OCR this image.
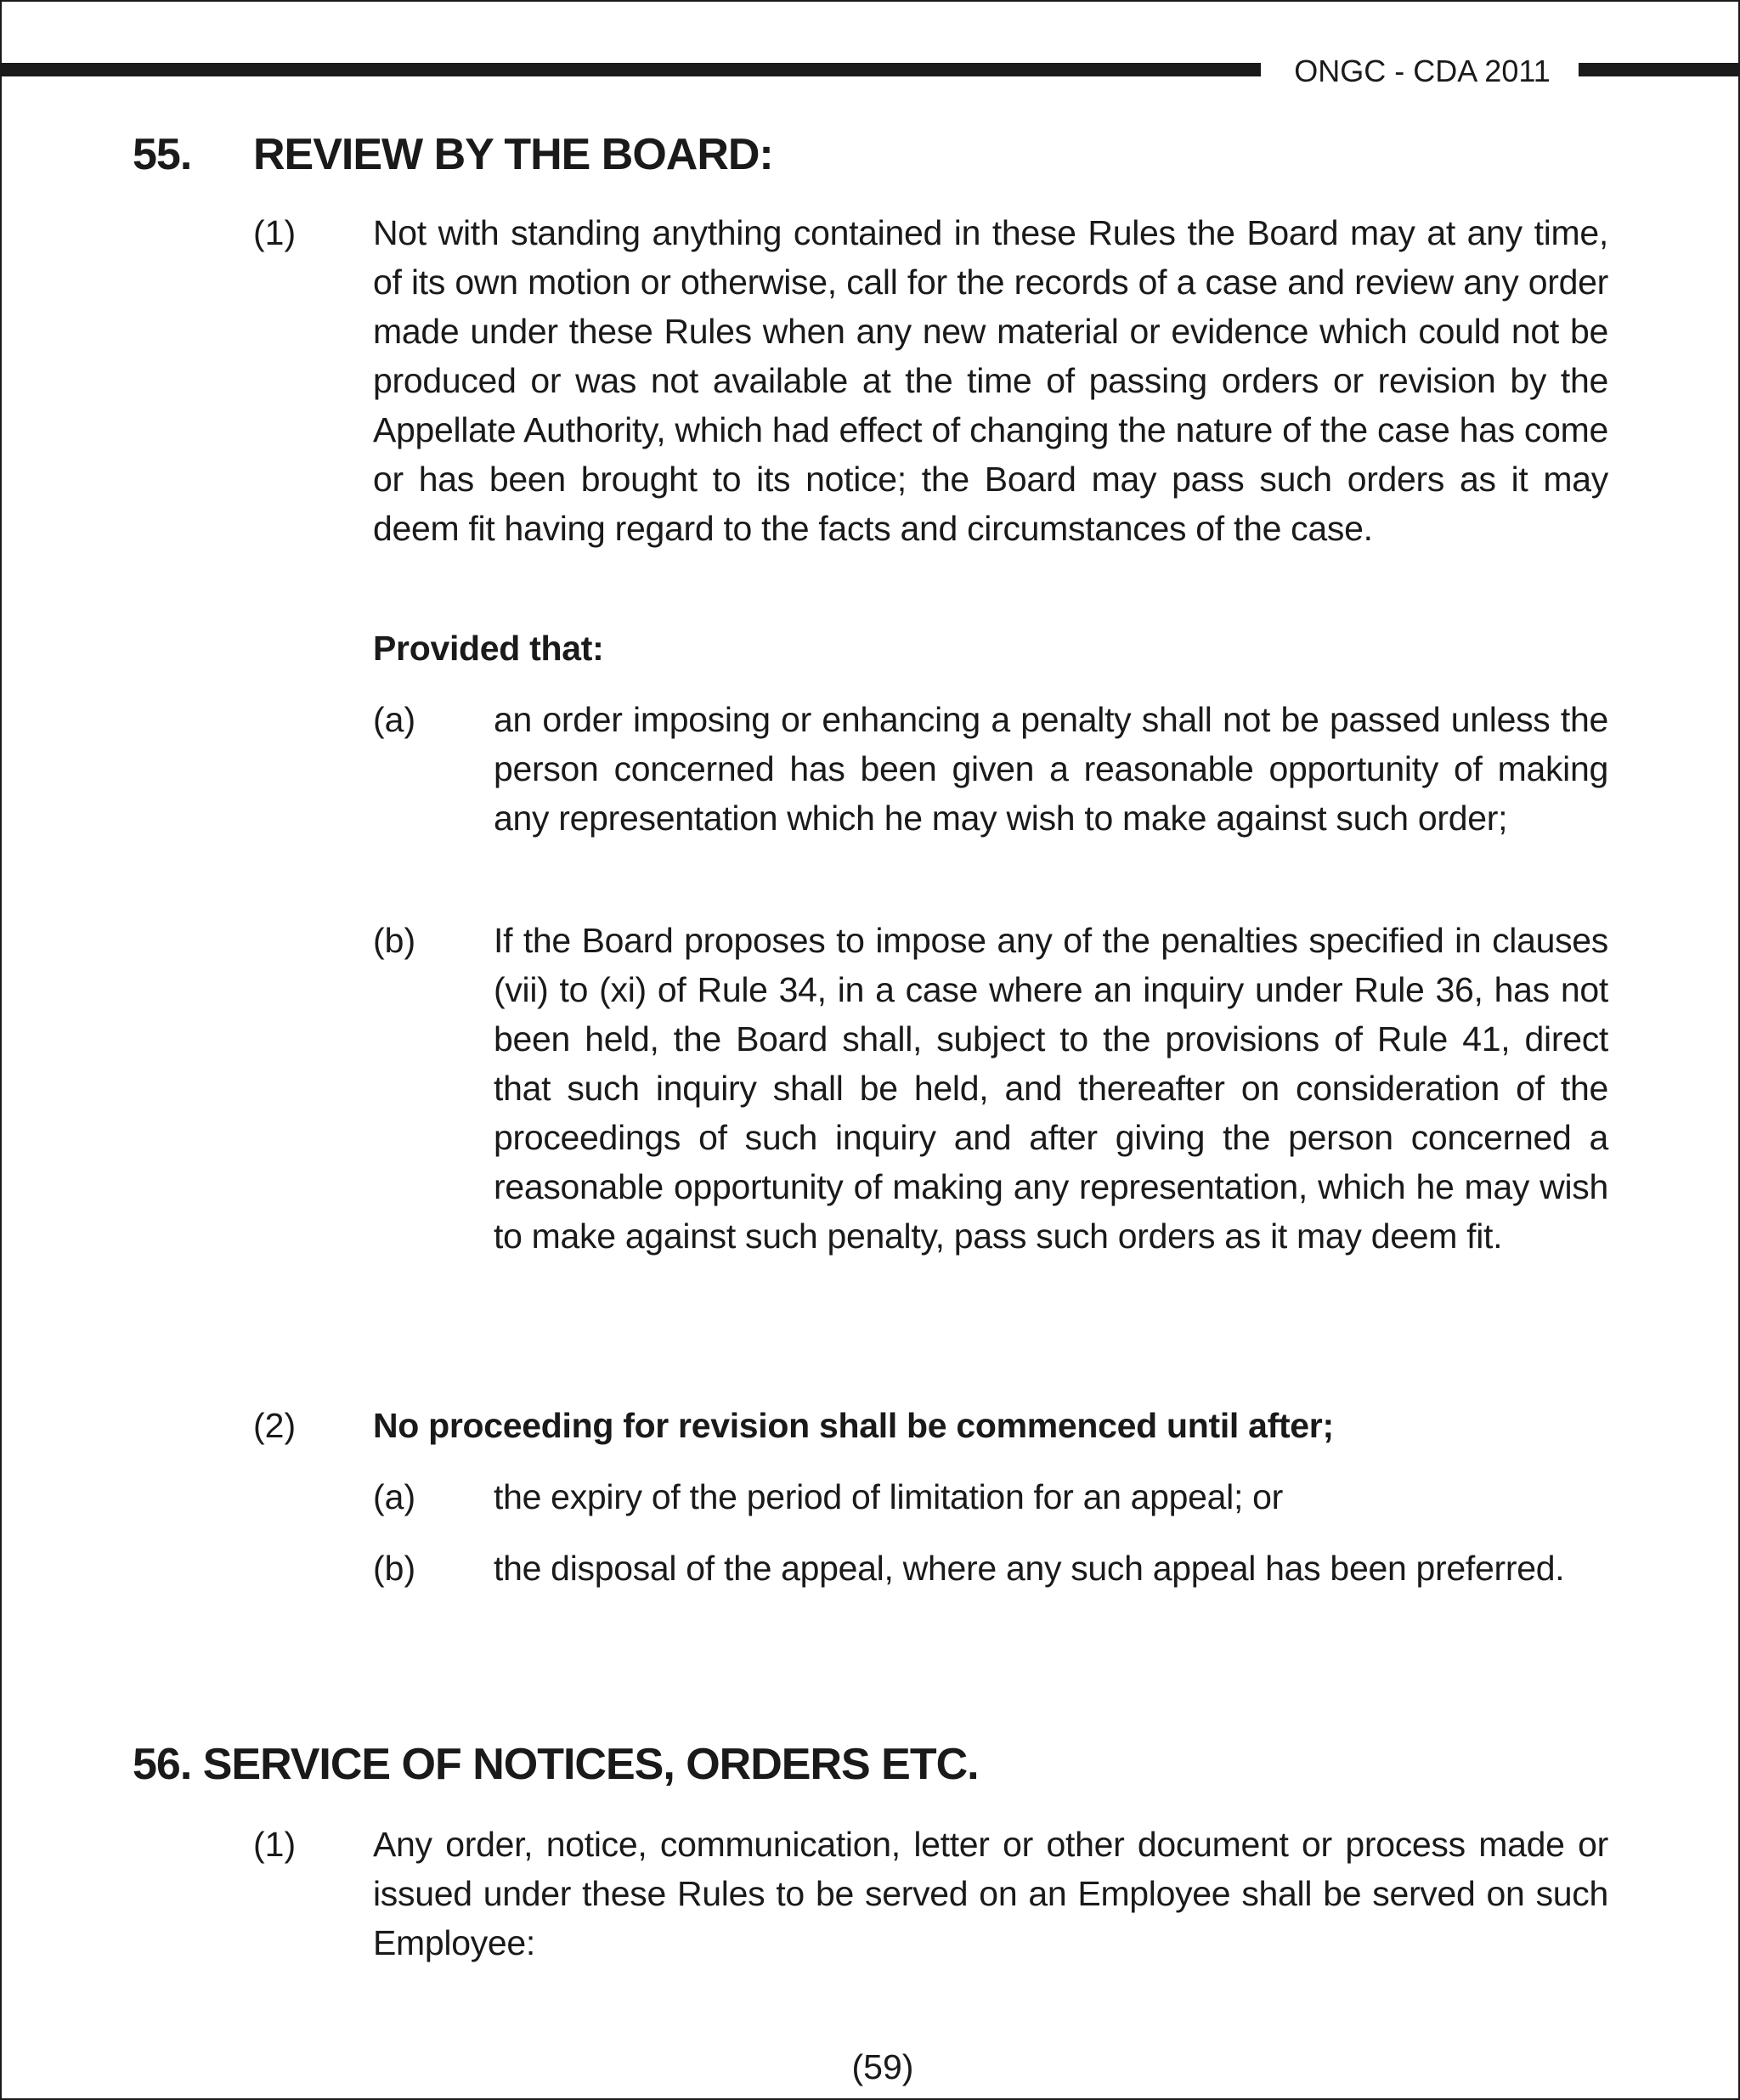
ONGC - CDA 2011
55. REVIEW BY THE BOARD:
(1) Not with standing anything contained in these Rules the Board may at any time, of its own motion or otherwise, call for the records of a case and review any order made under these Rules when any new material or evidence which could not be produced or was not available at the time of passing orders or revision by the Appellate Authority, which had effect of changing the nature of the case has come or has been brought to its notice; the Board may pass such orders as it may deem fit having regard to the facts and circumstances of the case.
Provided that:
(a) an order imposing or enhancing a penalty shall not be passed unless the person concerned has been given a reasonable opportunity of making any representation which he may wish to make against such order;
(b) If the Board proposes to impose any of the penalties specified in clauses (vii) to (xi) of Rule 34, in a case where an inquiry under Rule 36, has not been held, the Board shall, subject to the provisions of Rule 41, direct that such inquiry shall be held, and thereafter on consideration of the proceedings of such inquiry and after giving the person concerned a reasonable opportunity of making any representation, which he may wish to make against such penalty, pass such orders as it may deem fit.
(2) No proceeding for revision shall be commenced until after;
(a) the expiry of the period of limitation for an appeal; or
(b) the disposal of the appeal, where any such appeal has been preferred.
56. SERVICE OF NOTICES, ORDERS ETC.
(1) Any order, notice, communication, letter or other document or process made or issued under these Rules to be served on an Employee shall be served on such Employee:
(59)
